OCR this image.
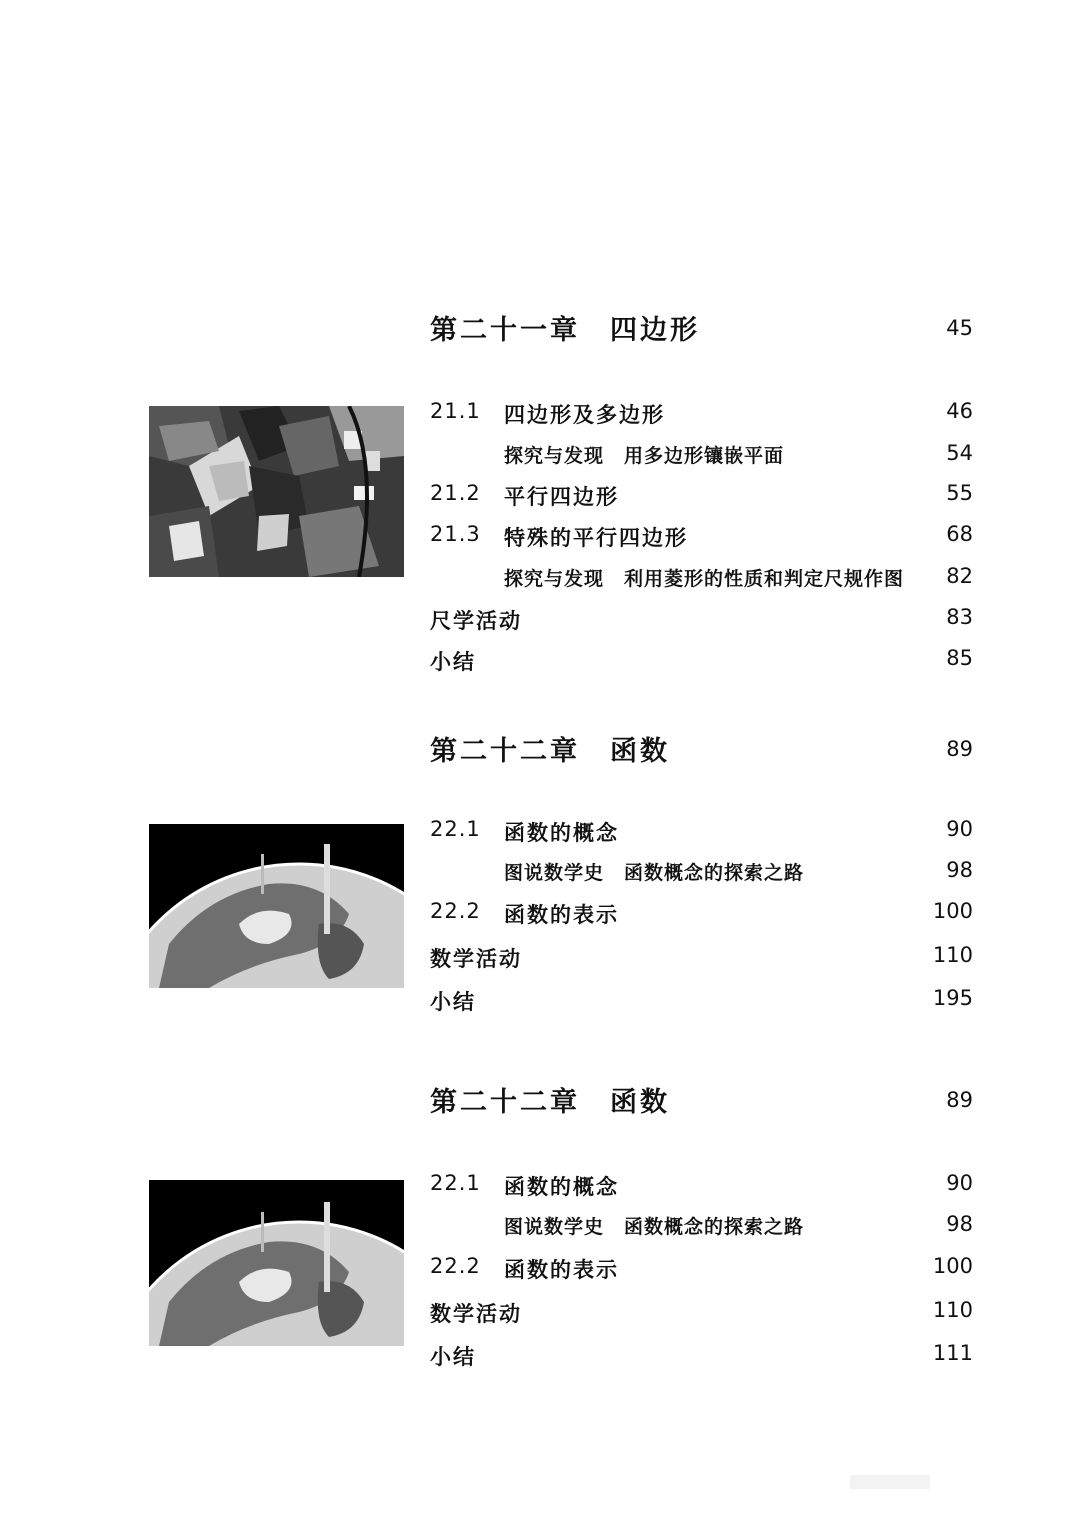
第二十一章　四边形	45
21.1 四边形及多边形	46
探究与发现　用多边形镶嵌平面	54
21.2 平行四边形	55
21.3 特殊的平行四边形	68
探究与发现　利用菱形的性质和判定尺规作图 82
尺学活动	83
小结	85
第二十二章　函数	89
22.1 函数的概念	90
图说数学史　函数概念的探索之路	98
22.2 函数的表示	100
数学活动	110
小结	195
第二十二章　函数	89
22.1 函数的概念	90
图说数学史　函数概念的探索之路	98
22.2 函数的表示	100
数学活动	110
小结	111
